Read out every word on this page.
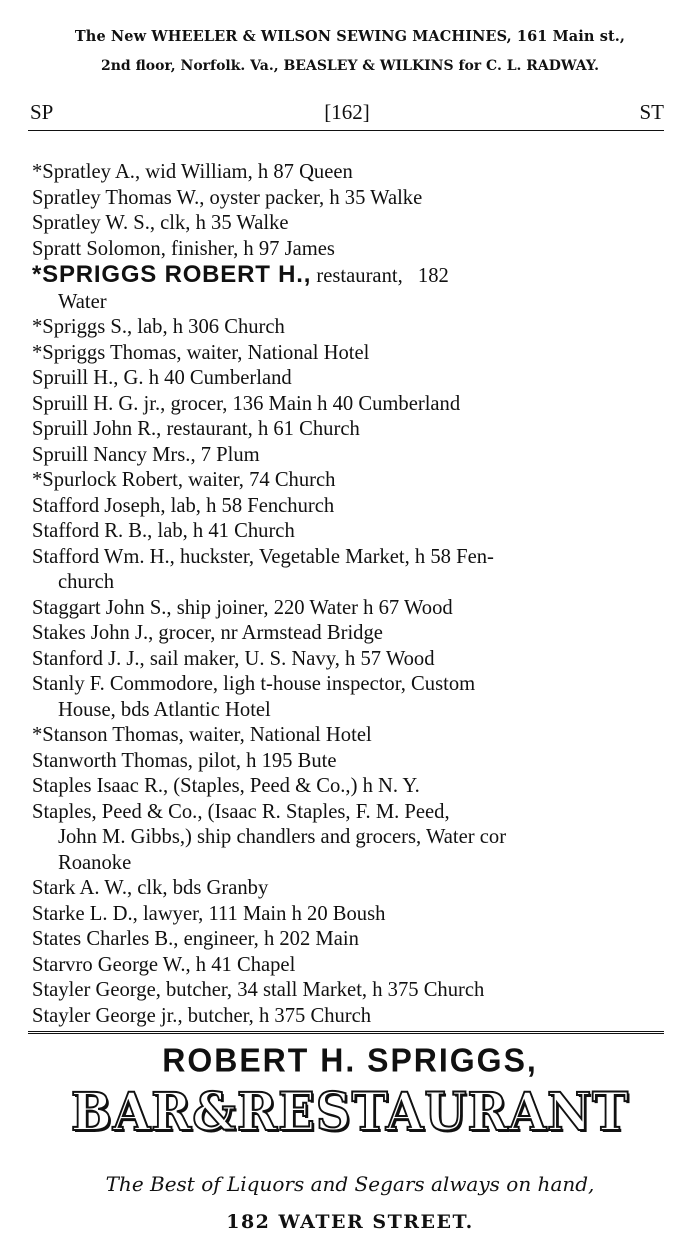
The New WHEELER & WILSON SEWING MACHINES, 161 Main st.,
2nd floor, Norfolk. Va., BEASLEY & WILKINS for C. L. RADWAY.
SP	[162]	ST
*Spratley A., wid William, h 87 Queen
Spratley Thomas W., oyster packer, h 35 Walke
Spratley W. S., clk, h 35 Walke
Spratt Solomon, finisher, h 97 James
*SPRIGGS ROBERT H., restaurant, 182
Water
*Spriggs S., lab, h 306 Church
*Spriggs Thomas, waiter, National Hotel
Spruill H., G. h 40 Cumberland
Spruill H. G. jr., grocer, 136 Main h 40 Cumberland
Spruill John R., restaurant, h 61 Church
Spruill Nancy Mrs., 7 Plum
*Spurlock Robert, waiter, 74 Church
Stafford Joseph, lab, h 58 Fenchurch
Stafford R. B., lab, h 41 Church
Stafford Wm. H., huckster, Vegetable Market, h 58 Fen-
church
Staggart John S., ship joiner, 220 Water h 67 Wood
Stakes John J., grocer, nr Armstead Bridge
Stanford J. J., sail maker, U. S. Navy, h 57 Wood
Stanly F. Commodore, ligh t-house inspector, Custom
House, bds Atlantic Hotel
*Stanson Thomas, waiter, National Hotel
Stanworth Thomas, pilot, h 195 Bute
Staples Isaac R., (Staples, Peed & Co.,) h N. Y.
Staples, Peed & Co., (Isaac R. Staples, F. M. Peed,
John M. Gibbs,) ship chandlers and grocers, Water cor
Roanoke
Stark A. W., clk, bds Granby
Starke L. D., lawyer, 111 Main h 20 Boush
States Charles B., engineer, h 202 Main
Starvro George W., h 41 Chapel
Stayler George, butcher, 34 stall Market, h 375 Church
Stayler George jr., butcher, h 375 Church
ROBERT H. SPRIGGS,
BAR&RESTAURANT
The Best of Liquors and Segars always on hand,
182 WATER STREET.
